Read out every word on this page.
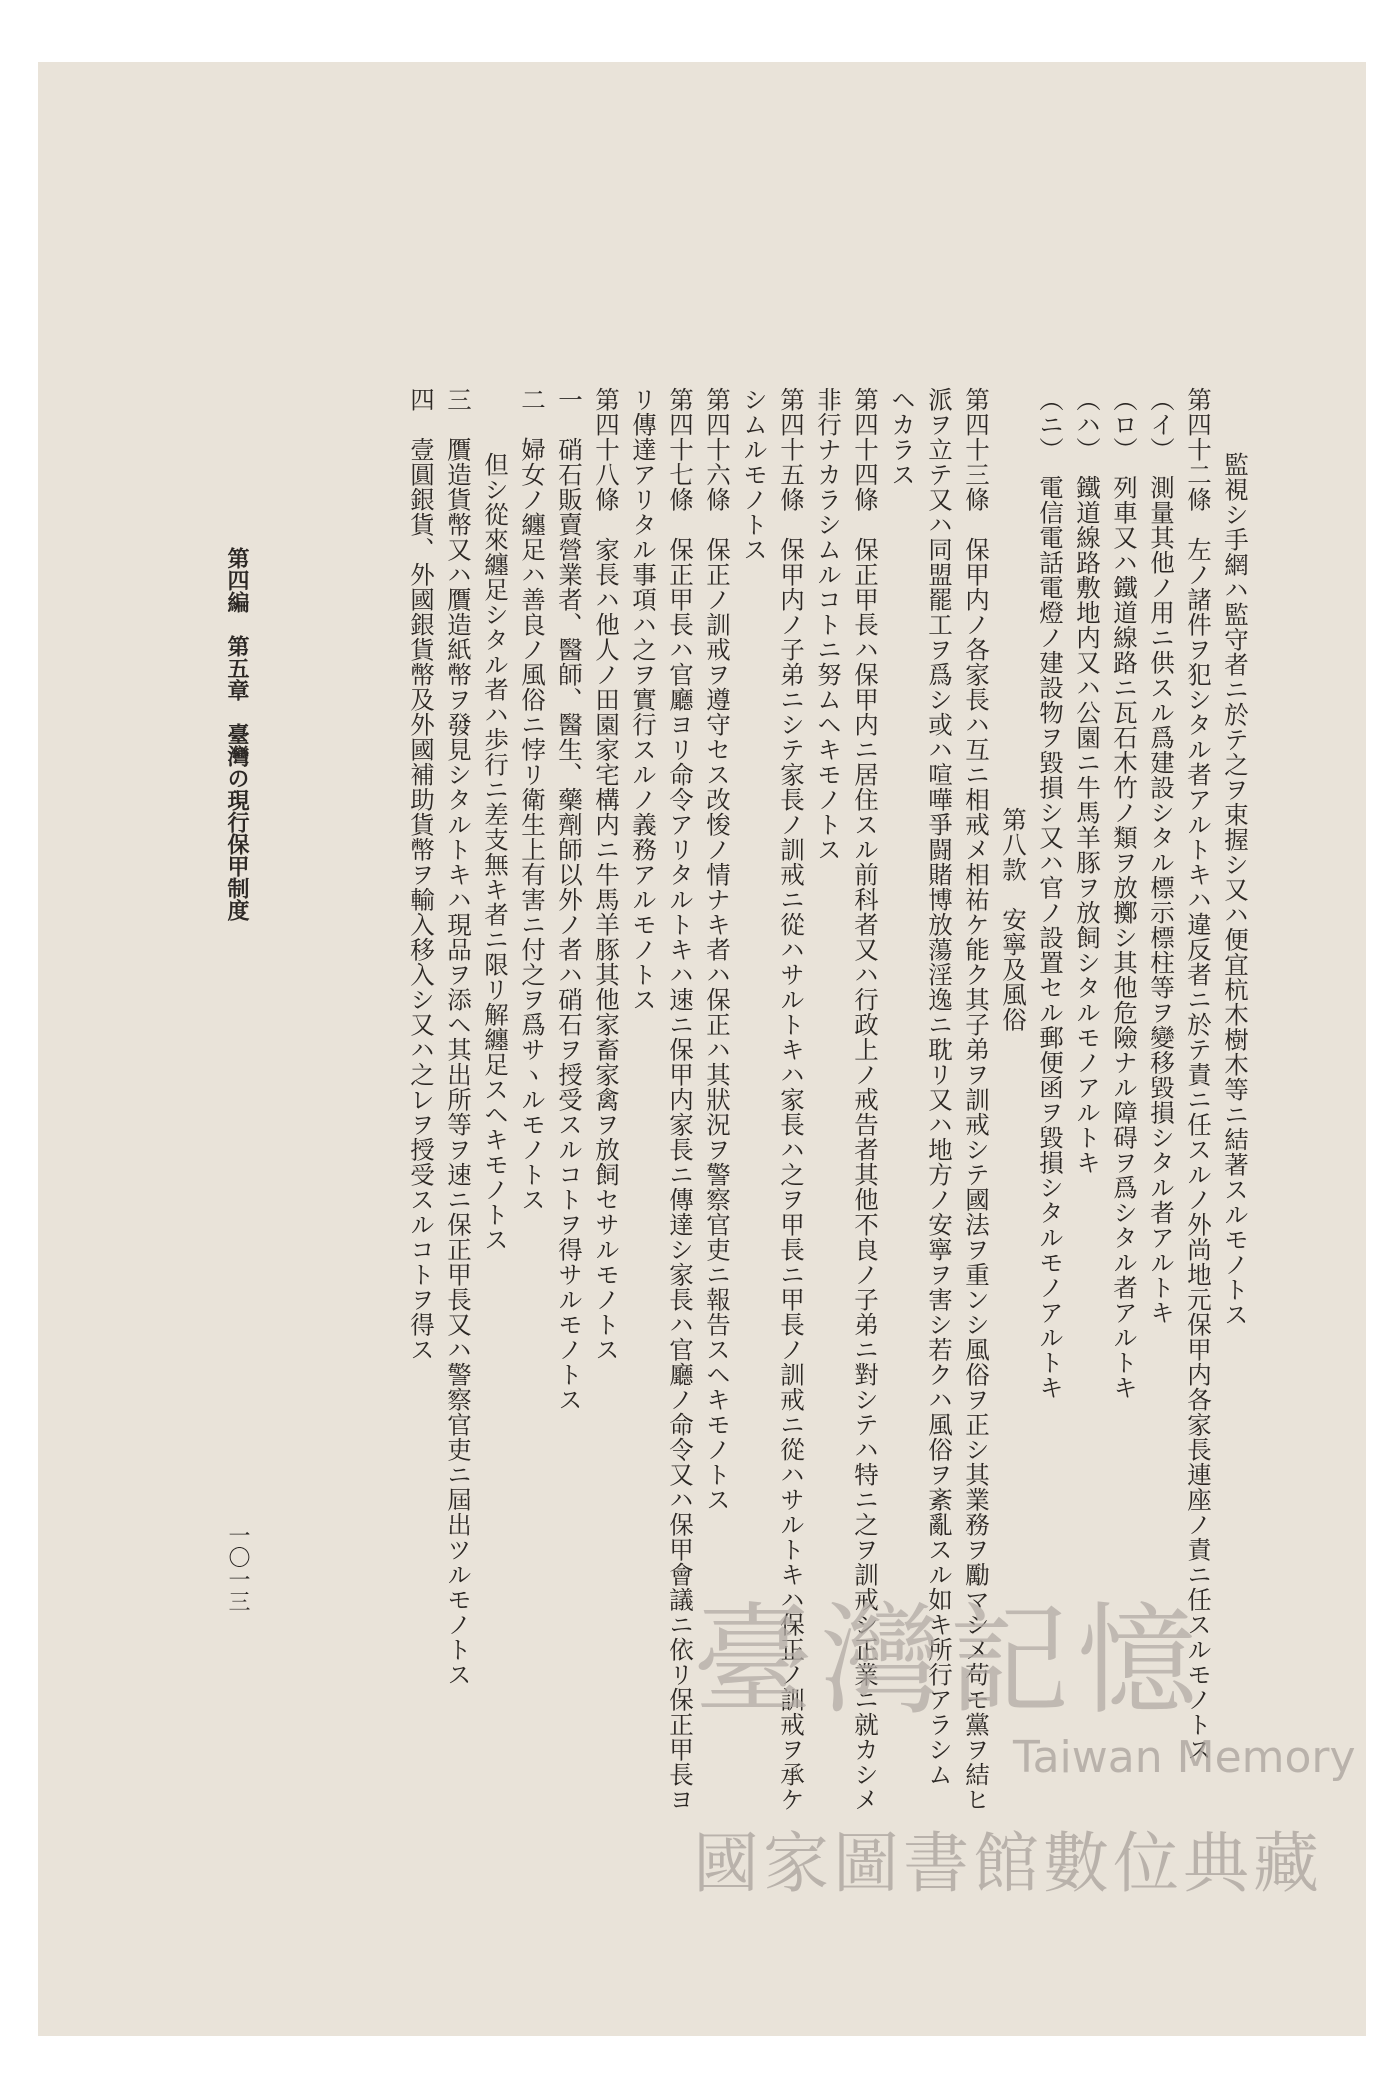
監視シ手網ハ監守者ニ於テ之ヲ束握シ又ハ便宜杭木樹木等ニ結著スルモノトス
第四十二條　左ノ諸件ヲ犯シタル者アルトキハ違反者ニ於テ責ニ任スルノ外尚地元保甲内各家長連座ノ責ニ任スルモノトス
（イ）　測量其他ノ用ニ供スル爲建設シタル標示標柱等ヲ變移毀損シタル者アルトキ
（ロ）　列車又ハ鐵道線路ニ瓦石木竹ノ類ヲ放擲シ其他危險ナル障碍ヲ爲シタル者アルトキ
（ハ）　鐵道線路敷地内又ハ公園ニ牛馬羊豚ヲ放飼シタルモノアルトキ
（ニ）　電信電話電燈ノ建設物ヲ毀損シ又ハ官ノ設置セル郵便函ヲ毀損シタルモノアルトキ
第八款　安寧及風俗
第四十三條　保甲内ノ各家長ハ互ニ相戒メ相祐ケ能ク其子弟ヲ訓戒シテ國法ヲ重ンシ風俗ヲ正シ其業務ヲ勵マシメ苟モ黨ヲ結ヒ
派ヲ立テ又ハ同盟罷工ヲ爲シ或ハ喧嘩爭闘賭博放蕩淫逸ニ耽リ又ハ地方ノ安寧ヲ害シ若クハ風俗ヲ紊亂スル如キ所行アラシム
ヘカラス
第四十四條　保正甲長ハ保甲内ニ居住スル前科者又ハ行政上ノ戒告者其他不良ノ子弟ニ對シテハ特ニ之ヲ訓戒シ正業ニ就カシメ
非行ナカラシムルコトニ努ムヘキモノトス
第四十五條　保甲内ノ子弟ニシテ家長ノ訓戒ニ從ハサルトキハ家長ハ之ヲ甲長ニ甲長ノ訓戒ニ從ハサルトキハ保正ノ訓戒ヲ承ケ
シムルモノトス
第四十六條　保正ノ訓戒ヲ遵守セス改悛ノ情ナキ者ハ保正ハ其狀況ヲ警察官吏ニ報告スヘキモノトス
第四十七條　保正甲長ハ官廳ヨリ命令アリタルトキハ速ニ保甲内家長ニ傳達シ家長ハ官廳ノ命令又ハ保甲會議ニ依リ保正甲長ヨ
リ傳達アリタル事項ハ之ヲ實行スルノ義務アルモノトス
第四十八條　家長ハ他人ノ田園家宅構内ニ牛馬羊豚其他家畜家禽ヲ放飼セサルモノトス
一　硝石販賣營業者、醫師、醫生、藥劑師以外ノ者ハ硝石ヲ授受スルコトヲ得サルモノトス
二　婦女ノ纏足ハ善良ノ風俗ニ悖リ衛生上有害ニ付之ヲ爲サヽルモノトス
但シ從來纏足シタル者ハ歩行ニ差支無キ者ニ限リ解纏足スヘキモノトス
三　贋造貨幣又ハ贋造紙幣ヲ發見シタルトキハ現品ヲ添ヘ其出所等ヲ速ニ保正甲長又ハ警察官吏ニ屆出ツルモノトス
四　壹圓銀貨、外國銀貨幣及外國補助貨幣ヲ輸入移入シ又ハ之レヲ授受スルコトヲ得ス
第四編　第五章　臺灣の現行保甲制度
一〇一三
臺灣記憶
Taiwan Memory
國家圖書館數位典藏
